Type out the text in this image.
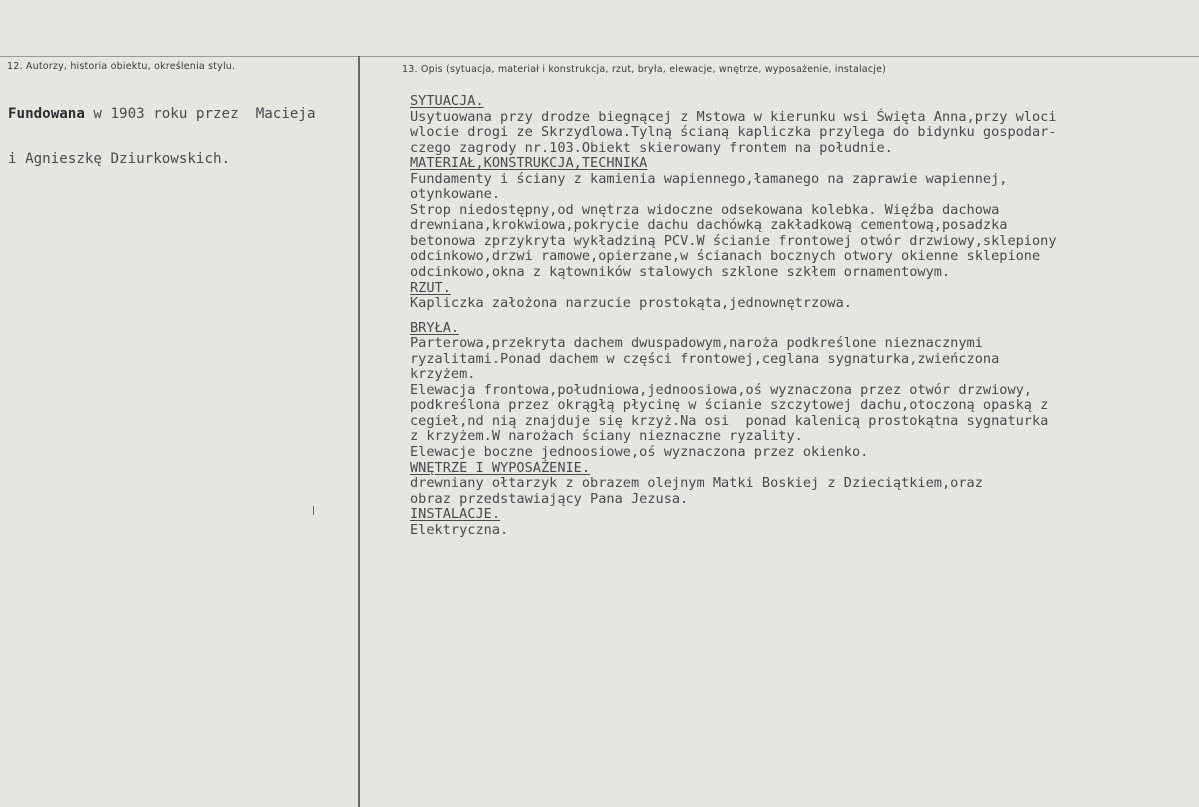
12. Autorzy, historia obiektu, określenia stylu.	13. Opis (sytuacja, materiał i konstrukcja, rzut, bryła, elewacje, wnętrze, wyposażenie, instalacje)

Fundowana w 1903 roku przez  Macieja

i Agnieszkę Dziurkowskich.

SYTUACJA.
Usytuowana przy drodze biegnącej z Mstowa w kierunku wsi Święta Anna,przy wloci
wlocie drogi ze Skrzydlowa.Tylną ścianą kapliczka przylega do bidynku gospodar-
czego zagrody nr.103.Obiekt skierowany frontem na południe.
MATERIAŁ,KONSTRUKCJA,TECHNIKA
Fundamenty i ściany z kamienia wapiennego,łamanego na zaprawie wapiennej,
otynkowane.
Strop niedostępny,od wnętrza widoczne odsekowana kolebka. Więźba dachowa
drewniana,krokwiowa,pokrycie dachu dachówką zakładkową cementową,posadzka
betonowa zprzykryta wykładziną PCV.W ścianie frontowej otwór drzwiowy,sklepiony
odcinkowo,drzwi ramowe,opierzane,w ścianach bocznych otwory okienne sklepione
odcinkowo,okna z kątowników stalowych szklone szkłem ornamentowym.
RZUT.
Kapliczka założona narzucie prostokąta,jednownętrzowa.
BRYŁA.
Parterowa,przekryta dachem dwuspadowym,naroża podkreślone nieznacznymi
ryzalitami.Ponad dachem w części frontowej,ceglana sygnaturka,zwieńczona
krzyżem.
Elewacja frontowa,południowa,jednoosiowa,oś wyznaczona przez otwór drzwiowy,
podkreślona przez okrągłą płycinę w ścianie szczytowej dachu,otoczoną opaską z
cegieł,nd nią znajduje się krzyż.Na osi  ponad kalenicą prostokątna sygnaturka
z krzyżem.W narożach ściany nieznaczne ryzality.
Elewacje boczne jednoosiowe,oś wyznaczona przez okienko.
WNĘTRZE I WYPOSAŻENIE.
drewniany ołtarzyk z obrazem olejnym Matki Boskiej z Dzieciątkiem,oraz
obraz przedstawiający Pana Jezusa.
INSTALACJE.
Elektryczna.
